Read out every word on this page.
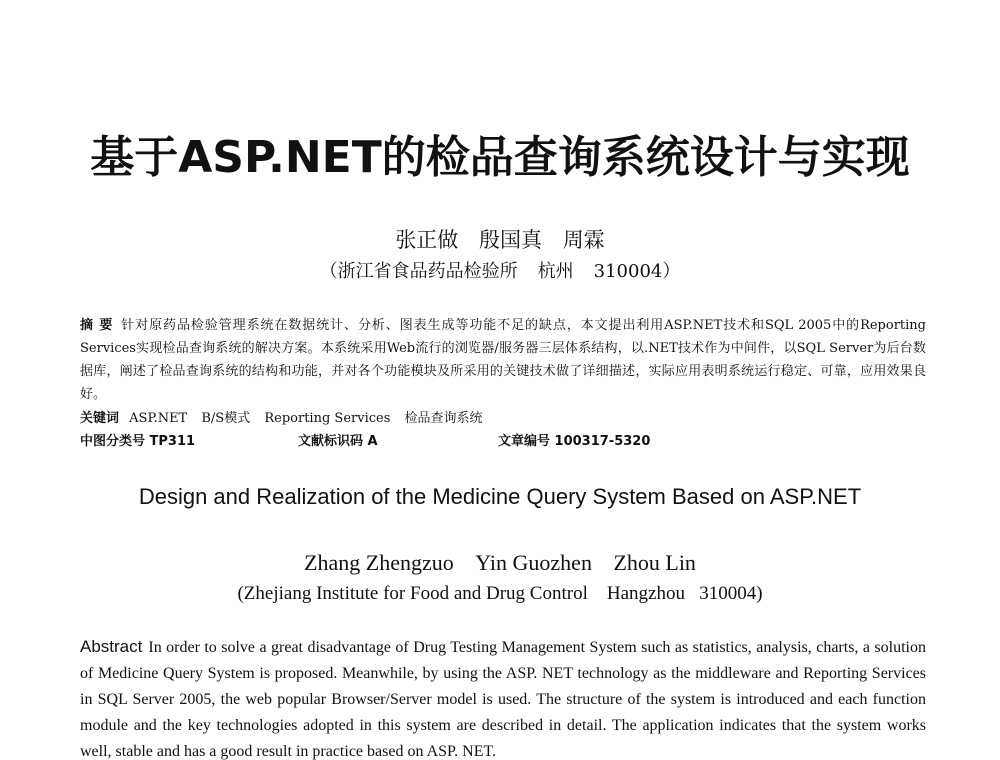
基于ASP.NET的检品查询系统设计与实现
张正做 殷国真 周霖
（浙江省食品药品检验所 杭州 310004）
摘 要 针对原药品检验管理系统在数据统计、分析、图表生成等功能不足的缺点，本文提出利用ASP.NET技术和SQL 2005中的Reporting Services实现检品查询系统的解决方案。本系统采用Web流行的浏览器/服务器三层体系结构，以.NET技术作为中间件，以SQL Server为后台数据库，阐述了检品查询系统的结构和功能，并对各个功能模块及所采用的关键技术做了详细描述，实际应用表明系统运行稳定、可靠，应用效果良好。
关键词 ASP.NET B/S模式 Reporting Services 检品查询系统
中图分类号 TP311	文献标识码 A	文章编号 100317-5320
Design and Realization of the Medicine Query System Based on ASP.NET
Zhang Zhengzuo Yin Guozhen Zhou Lin
(Zhejiang Institute for Food and Drug Control Hangzhou 310004)
Abstract In order to solve a great disadvantage of Drug Testing Management System such as statistics, analysis, charts, a solution of Medicine Query System is proposed. Meanwhile, by using the ASP. NET technology as the middleware and Reporting Services in SQL Server 2005, the web popular Browser/Server model is used. The structure of the system is introduced and each function module and the key technologies adopted in this system are described in detail. The application indicates that the system works well, stable and has a good result in practice based on ASP. NET.
